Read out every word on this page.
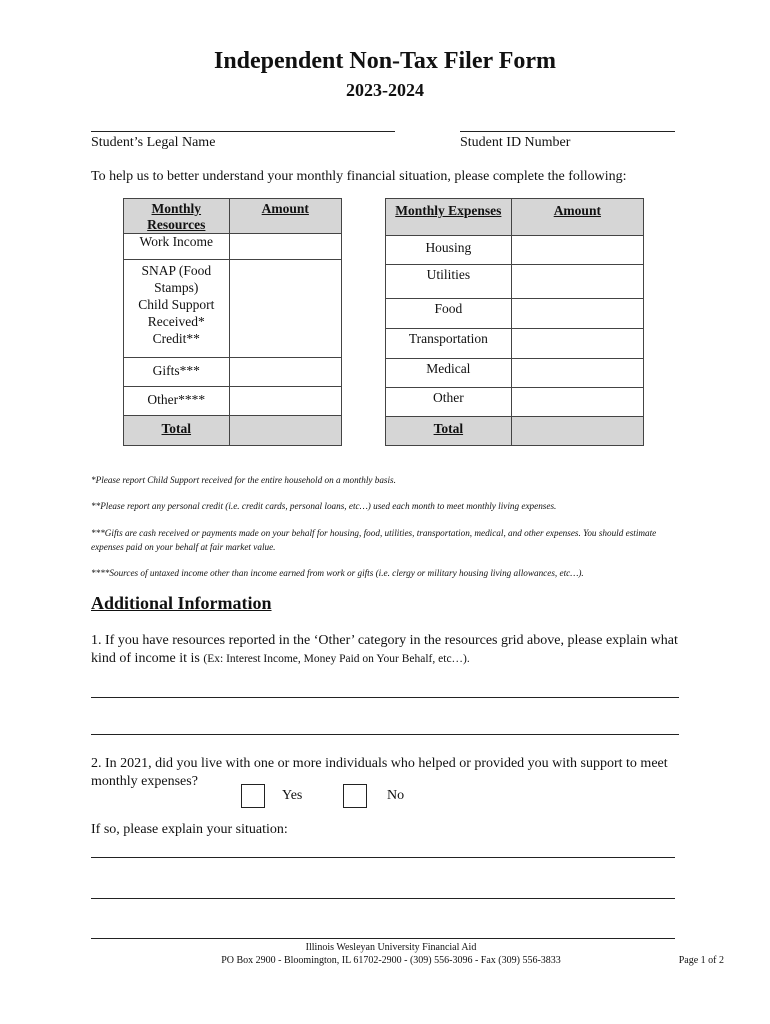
Independent Non-Tax Filer Form
2023-2024
Student’s Legal Name	Student ID Number
To help us to better understand your monthly financial situation, please complete the following:
Monthly Resources	Amount
Work Income	

SNAP (Food Stamps)
Child Support Received*
Credit**	

Gifts***	
Other****	
Total	
Monthly Expenses	Amount
Housing	
Utilities	
Food	
Transportation	
Medical	
Other	
Total	
*Please report Child Support received for the entire household on a monthly basis.
**Please report any personal credit (i.e. credit cards, personal loans, etc…) used each month to meet monthly living expenses.
***Gifts are cash received or payments made on your behalf for housing, food, utilities, transportation, medical, and other expenses. You should estimate expenses paid on your behalf at fair market value.
****Sources of untaxed income other than income earned from work or gifts (i.e. clergy or military housing living allowances, etc…).
Additional Information
1. If you have resources reported in the ‘Other’ category in the resources grid above, please explain what kind of income it is (Ex: Interest Income, Money Paid on Your Behalf, etc…).
2. In 2021, did you live with one or more individuals who helped or provided you with support to meet monthly expenses?
Yes	No
If so, please explain your situation:
Illinois Wesleyan University Financial Aid
PO Box 2900 - Bloomington, IL 61702-2900 - (309) 556-3096 - Fax (309) 556-3833	Page 1 of 2
